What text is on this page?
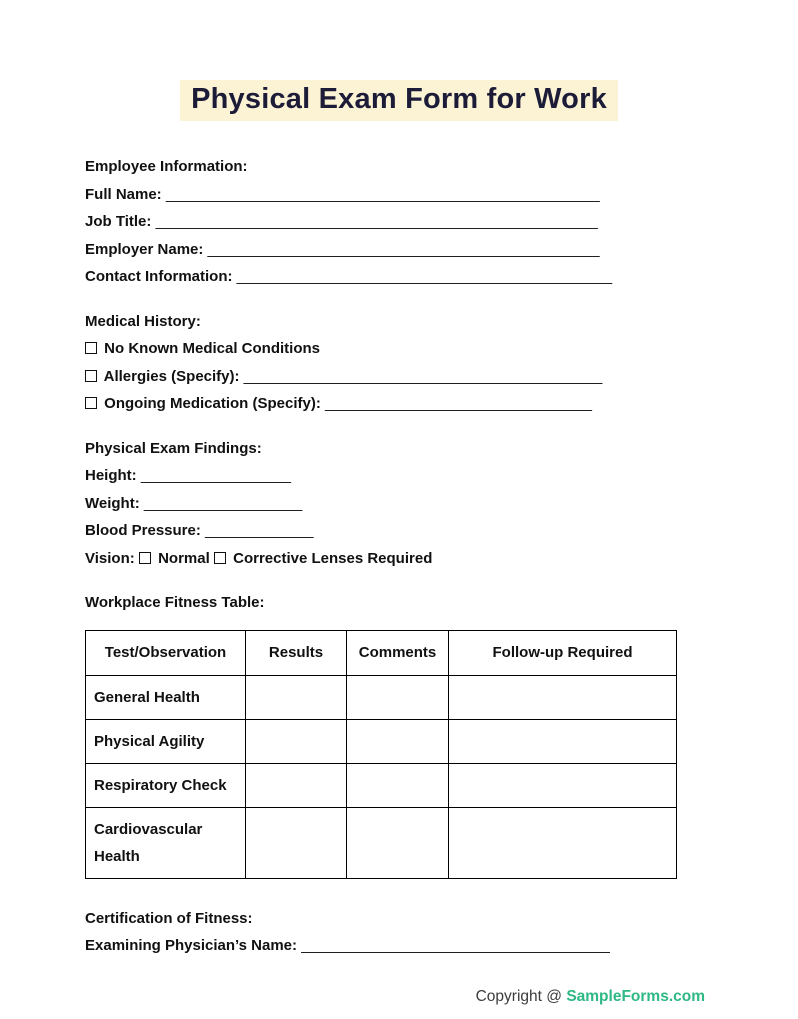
Physical Exam Form for Work

Employee Information:

Full Name: ____________________________________________________

Job Title: _____________________________________________________

Employer Name: _______________________________________________

Contact Information: _____________________________________________

Medical History:

No Known Medical Conditions

Allergies (Specify): ___________________________________________

Ongoing Medication (Specify): ________________________________

Physical Exam Findings:

Height: __________________

Weight: ___________________

Blood Pressure: _____________

Vision: Normal Corrective Lenses Required

Workplace Fitness Table:

Test/Observation	Results	Comments	Follow-up Required
General Health			
Physical Agility			
Respiratory Check			
Cardiovascular Health			

Certification of Fitness:

Examining Physician’s Name: _____________________________________

Copyright @ SampleForms.com
